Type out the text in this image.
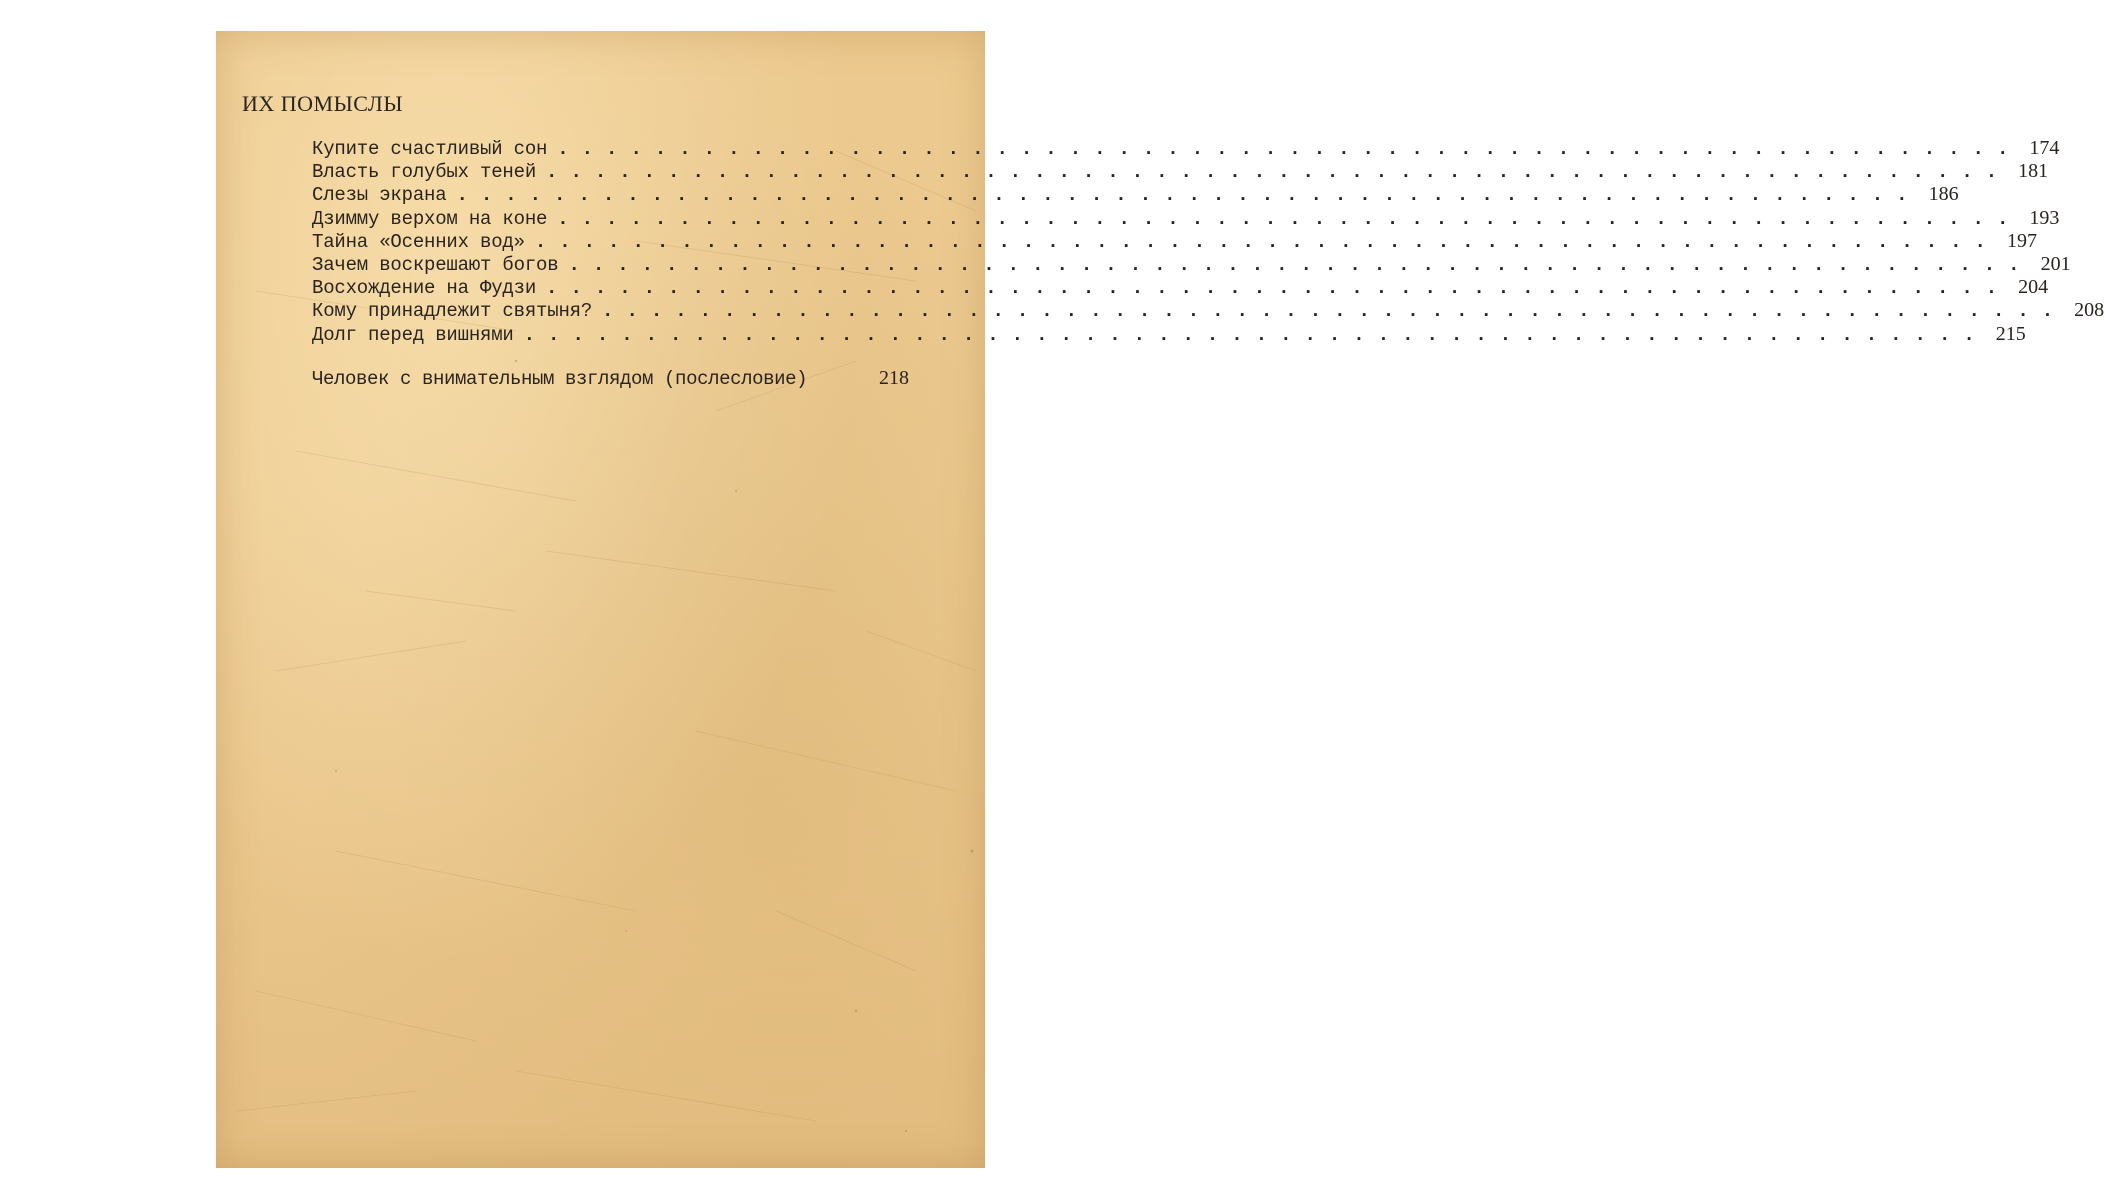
ИХ ПОМЫСЛЫ
Купите счастливый сон ............................................................ 174
Власть голубых теней ............................................................ 181
Слезы экрана ............................................................ 186
Дзимму верхом на коне ............................................................ 193
Тайна «Осенних вод» ............................................................ 197
Зачем воскрешают богов ............................................................ 201
Восхождение на Фудзи ............................................................ 204
Кому принадлежит святыня? ............................................................ 208
Долг перед вишнями ............................................................ 215
Человек с внимательным взглядом (послесловие)	218
